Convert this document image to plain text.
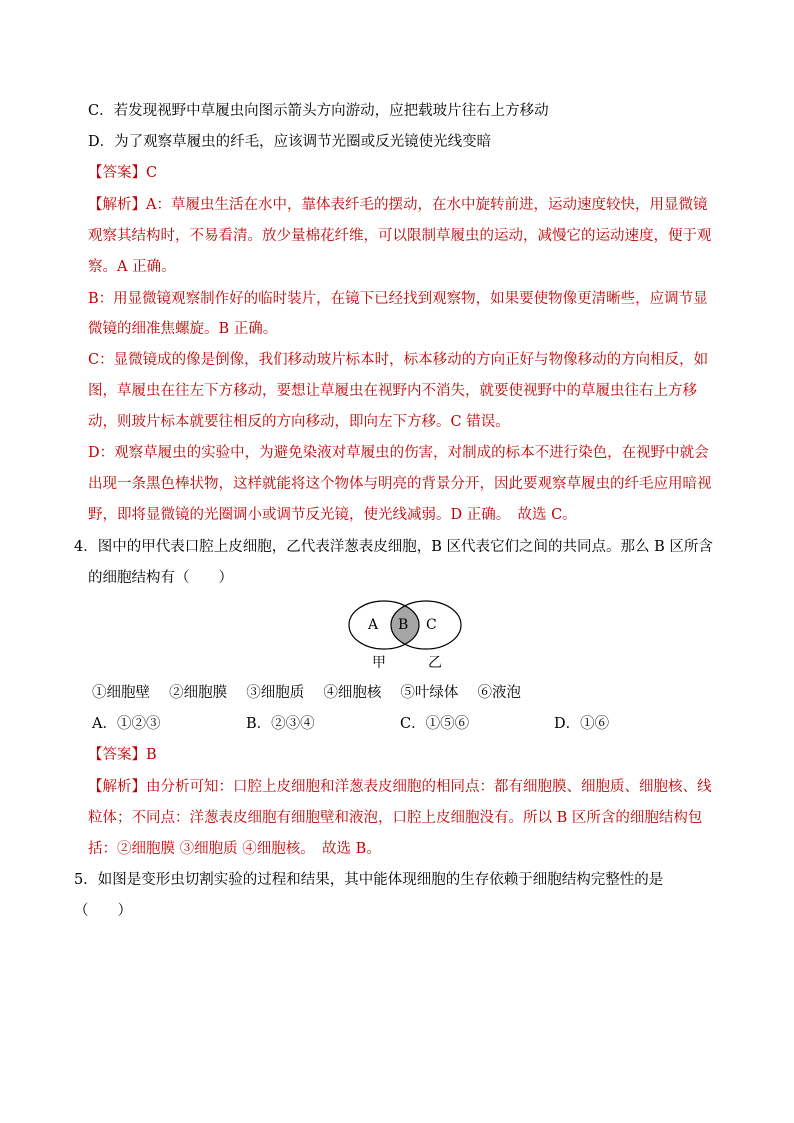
C．若发现视野中草履虫向图示箭头方向游动，应把载玻片往右上方移动
D．为了观察草履虫的纤毛，应该调节光圈或反光镜使光线变暗
【答案】C
【解析】A：草履虫生活在水中，靠体表纤毛的摆动，在水中旋转前进，运动速度较快，用显微镜
观察其结构时，不易看清。放少量棉花纤维，可以限制草履虫的运动，减慢它的运动速度，便于观
察。A 正确。
B：用显微镜观察制作好的临时装片，在镜下已经找到观察物，如果要使物像更清晰些，应调节显
微镜的细准焦螺旋。B 正确。
C：显微镜成的像是倒像，我们移动玻片标本时，标本移动的方向正好与物像移动的方向相反，如
图，草履虫在往左下方移动，要想让草履虫在视野内不消失，就要使视野中的草履虫往右上方移
动，则玻片标本就要往相反的方向移动，即向左下方移。C 错误。
D：观察草履虫的实验中，为避免染液对草履虫的伤害，对制成的标本不进行染色，在视野中就会
出现一条黑色棒状物，这样就能将这个物体与明亮的背景分开，因此要观察草履虫的纤毛应用暗视
野，即将显微镜的光圈调小或调节反光镜，使光线减弱。D 正确。　故选 C。
4．图中的甲代表口腔上皮细胞，乙代表洋葱表皮细胞，B 区代表它们之间的共同点。那么 B 区所含
的细胞结构有（　　）
A B C
甲	乙
①细胞壁　 ②细胞膜　 ③细胞质　 ④细胞核　 ⑤叶绿体　 ⑥液泡
A．①②③	B．②③④	C．①⑤⑥	D．①⑥
【答案】B
【解析】由分析可知：口腔上皮细胞和洋葱表皮细胞的相同点：都有细胞膜、细胞质、细胞核、线
粒体；不同点：洋葱表皮细胞有细胞壁和液泡，口腔上皮细胞没有。所以 B 区所含的细胞结构包
括：②细胞膜 ③细胞质 ④细胞核。　故选 B。
5．如图是变形虫切割实验的过程和结果，其中能体现细胞的生存依赖于细胞结构完整性的是
（　　）
